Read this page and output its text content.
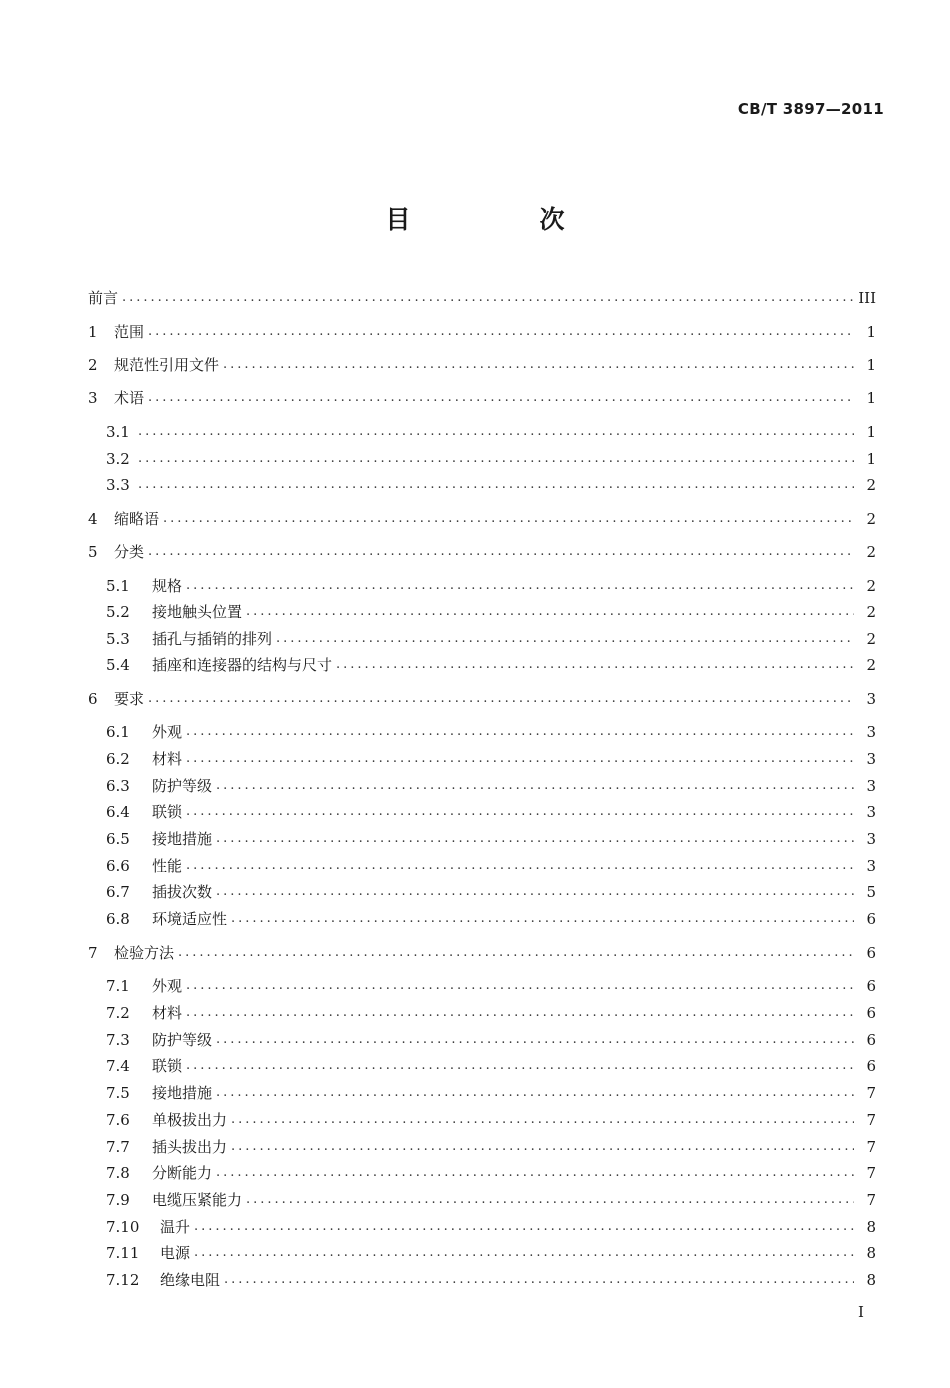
CB/T 3897—2011
目　次
前言 .....	III
1	范围 .....	1
2	规范性引用文件 .....	1
3	术语 .....	1
3.1 .....	1
3.2 .....	1
3.3 .....	2
4	缩略语 .....	2
5	分类 .....	2
5.1	规格 .....	2
5.2	接地触头位置 .....	2
5.3	插孔与插销的排列 .....	2
5.4	插座和连接器的结构与尺寸 .....	2
6	要求 .....	3
6.1	外观 .....	3
6.2	材料 .....	3
6.3	防护等级 .....	3
6.4	联锁 .....	3
6.5	接地措施 .....	3
6.6	性能 .....	3
6.7	插拔次数 .....	5
6.8	环境适应性 .....	6
7	检验方法 .....	6
7.1	外观 .....	6
7.2	材料 .....	6
7.3	防护等级 .....	6
7.4	联锁 .....	6
7.5	接地措施 .....	7
7.6	单极拔出力 .....	7
7.7	插头拔出力 .....	7
7.8	分断能力 .....	7
7.9	电缆压紧能力 .....	7
7.10	温升 .....	8
7.11	电源 .....	8
7.12	绝缘电阻 .....	8
I
